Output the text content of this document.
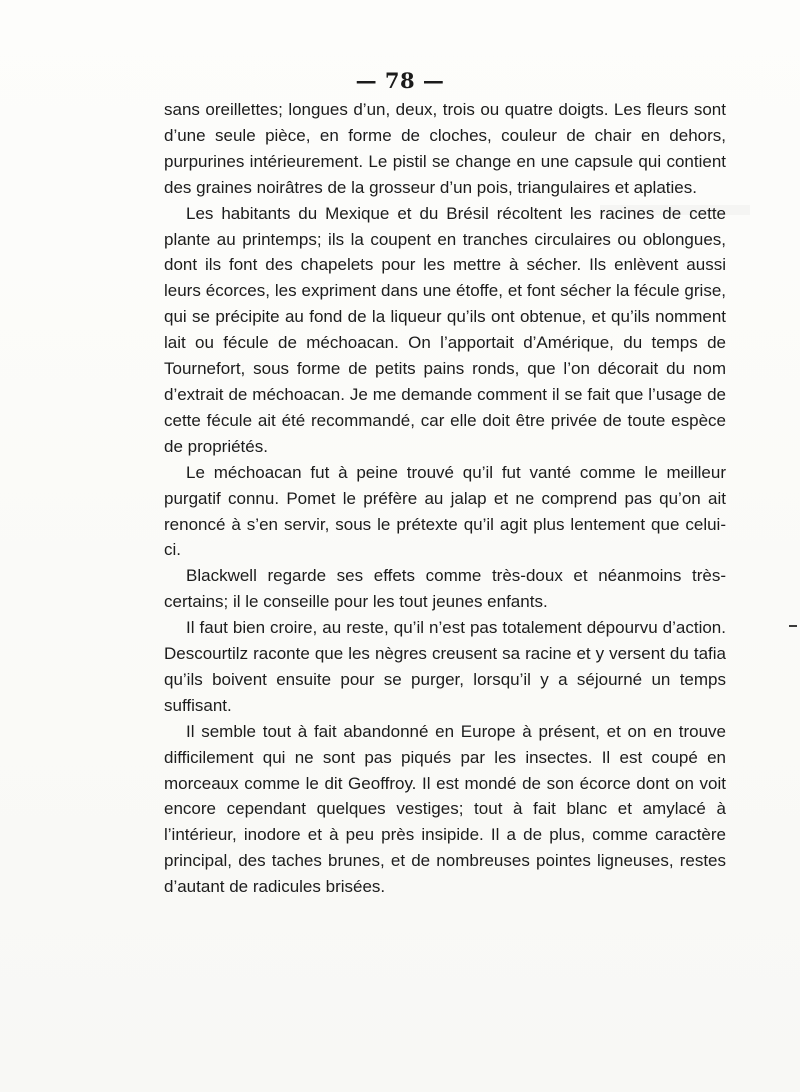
— 78 —

sans oreillettes; longues d’un, deux, trois ou quatre doigts. Les fleurs sont d’une seule pièce, en forme de cloches, couleur de chair en dehors, purpurines intérieurement. Le pistil se change en une capsule qui contient des graines noirâtres de la grosseur d’un pois, triangulaires et aplaties.

Les habitants du Mexique et du Brésil récoltent les racines de cette plante au printemps; ils la coupent en tranches circulaires ou oblongues, dont ils font des chapelets pour les mettre à sécher. Ils enlèvent aussi leurs écorces, les expriment dans une étoffe, et font sécher la fécule grise, qui se précipite au fond de la liqueur qu’ils ont obtenue, et qu’ils nomment lait ou fécule de méchoacan. On l’apportait d’Amérique, du temps de Tournefort, sous forme de petits pains ronds, que l’on décorait du nom d’extrait de méchoacan. Je me demande comment il se fait que l’usage de cette fécule ait été recommandé, car elle doit être privée de toute espèce de propriétés.

Le méchoacan fut à peine trouvé qu’il fut vanté comme le meilleur purgatif connu. Pomet le préfère au jalap et ne comprend pas qu’on ait renoncé à s’en servir, sous le prétexte qu’il agit plus lentement que celui-ci.

Blackwell regarde ses effets comme très-doux et néanmoins très-certains; il le conseille pour les tout jeunes enfants.

Il faut bien croire, au reste, qu’il n’est pas totalement dépourvu d’action. Descourtilz raconte que les nègres creusent sa racine et y versent du tafia qu’ils boivent ensuite pour se purger, lorsqu’il y a séjourné un temps suffisant.

Il semble tout à fait abandonné en Europe à présent, et on en trouve difficilement qui ne sont pas piqués par les insectes. Il est coupé en morceaux comme le dit Geoffroy. Il est mondé de son écorce dont on voit encore cependant quelques vestiges; tout à fait blanc et amylacé à l’intérieur, inodore et à peu près insipide. Il a de plus, comme caractère principal, des taches brunes, et de nombreuses pointes ligneuses, restes d’autant de radicules brisées.
